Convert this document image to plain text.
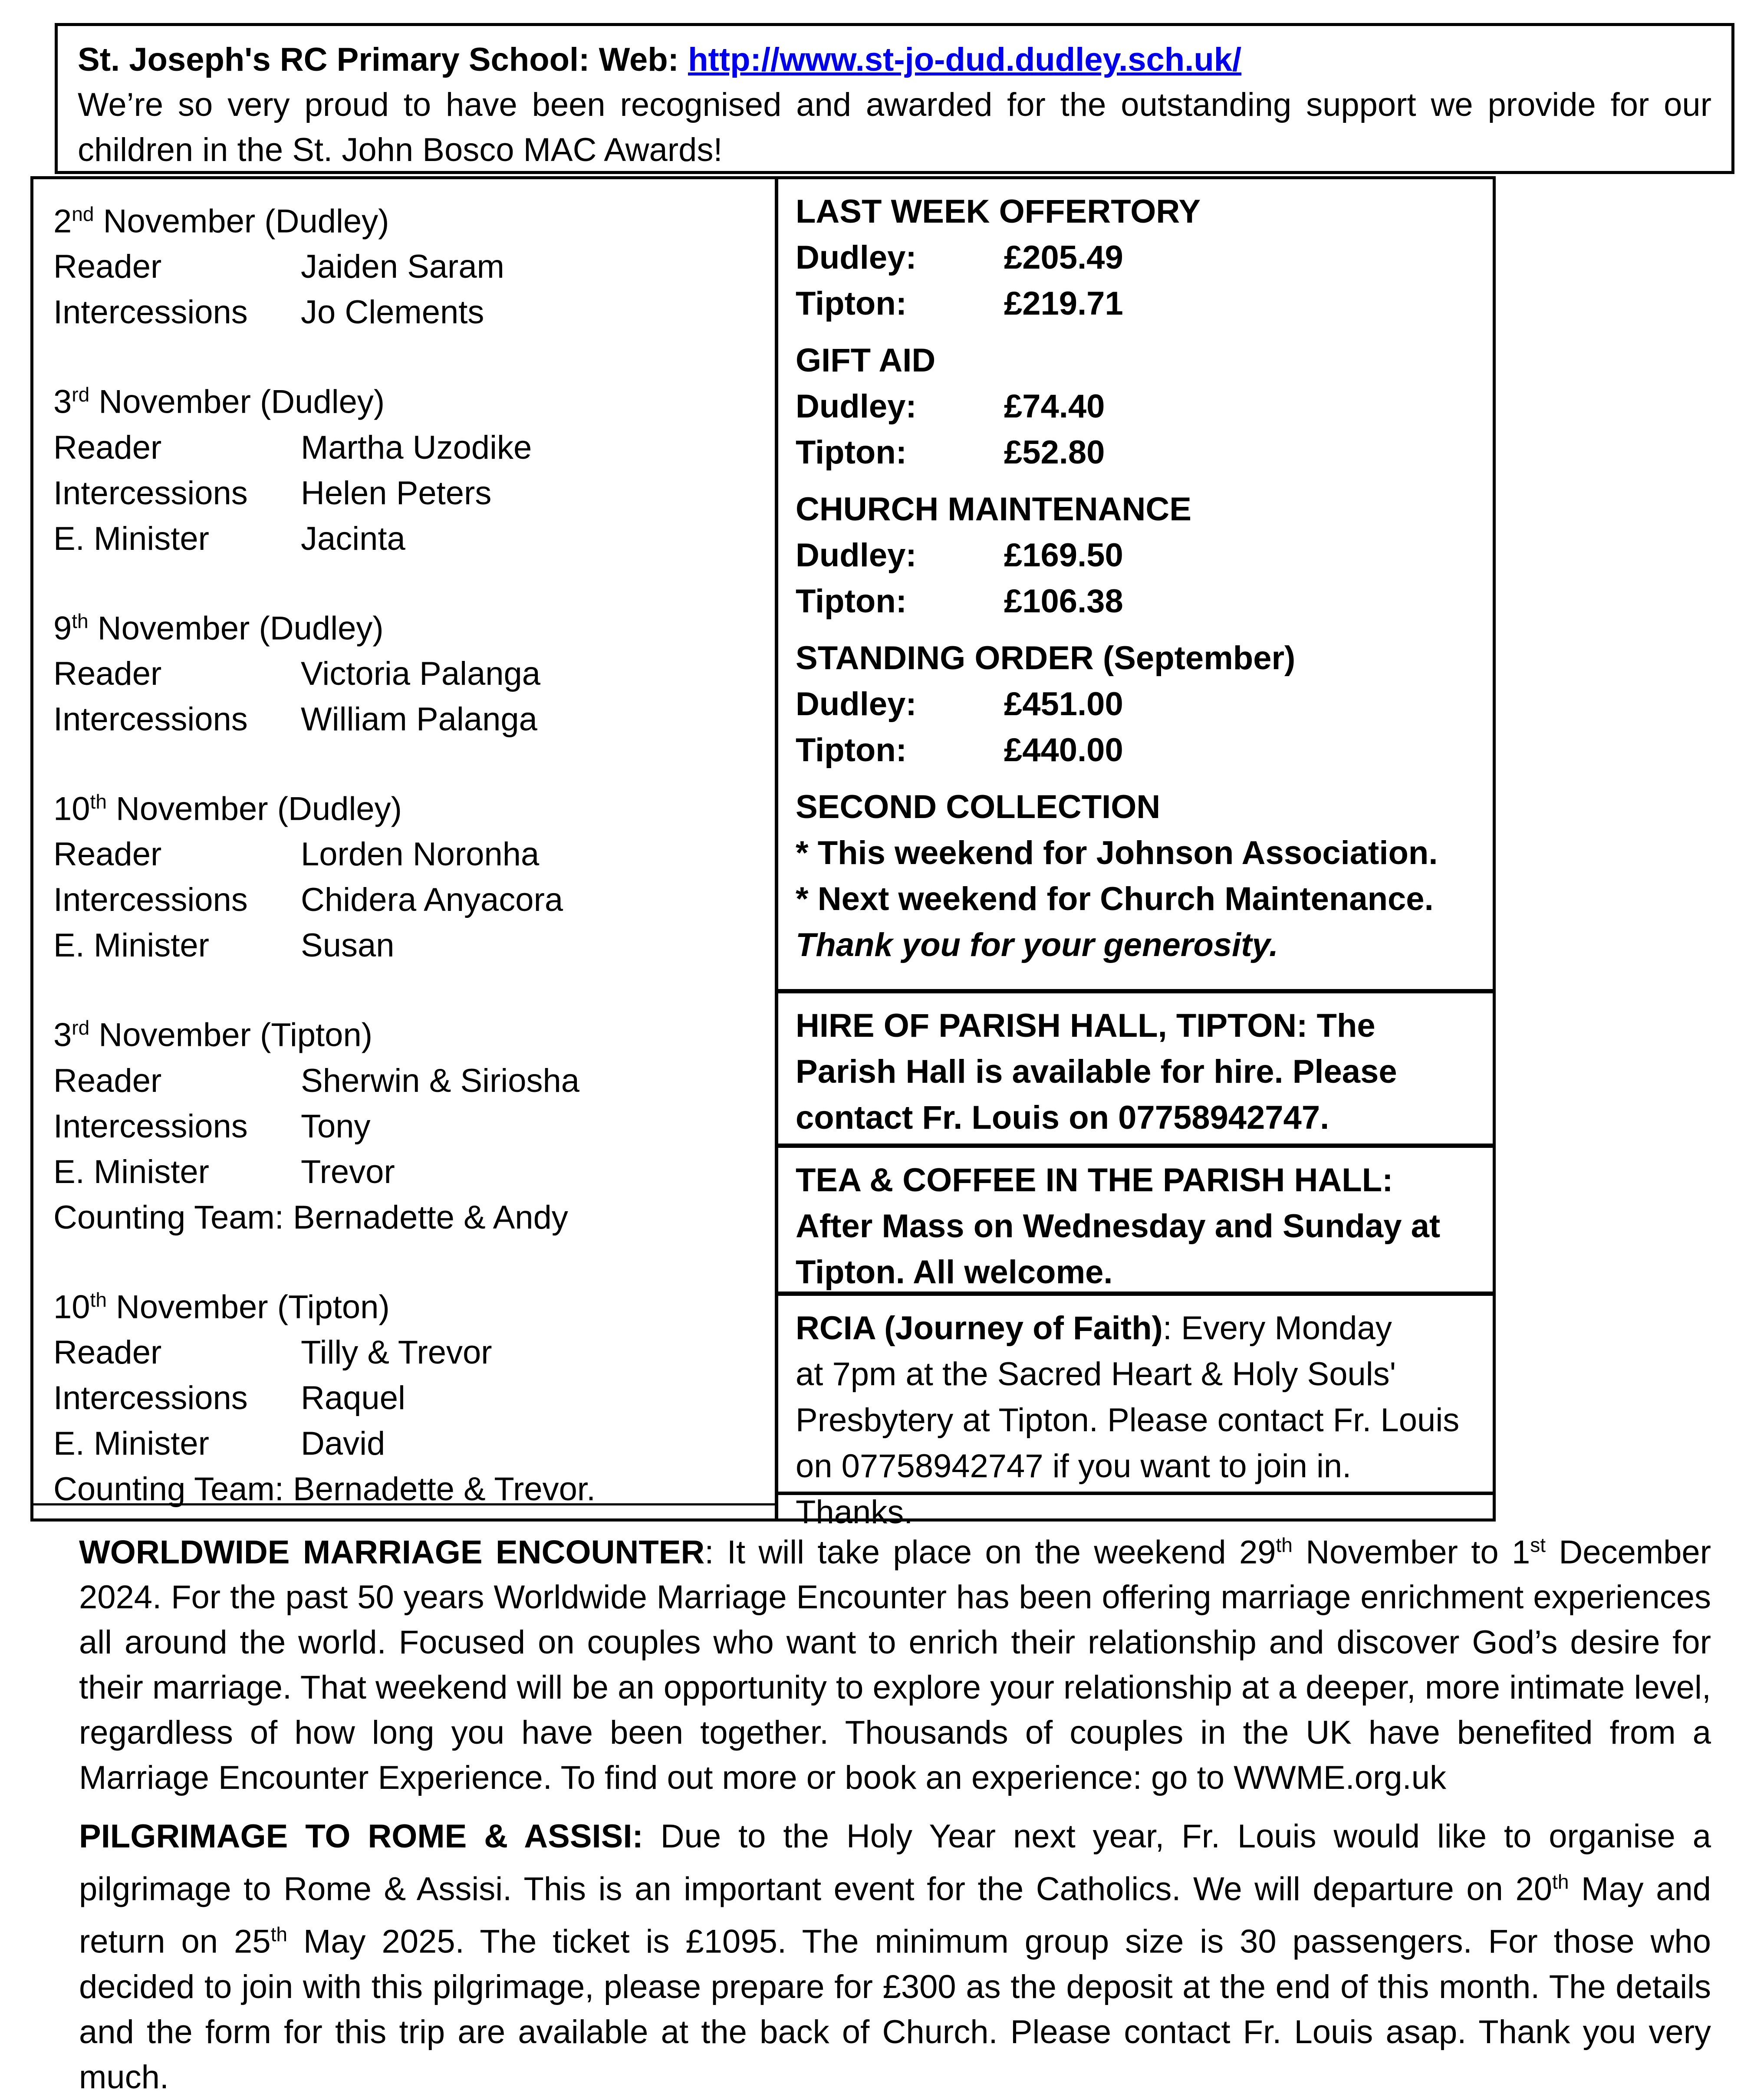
St. Joseph's RC Primary School: Web: http://www.st-jo-dud.dudley.sch.uk/
We’re so very proud to have been recognised and awarded for the outstanding support we provide for our children in the St. John Bosco MAC Awards!
2nd November (Dudley)
Reader	Jaiden Saram
Intercessions	Jo Clements
3rd November (Dudley)
Reader	Martha Uzodike
Intercessions	Helen Peters
E. Minister	Jacinta
9th November (Dudley)
Reader	Victoria Palanga
Intercessions	William Palanga
10th November (Dudley)
Reader	Lorden Noronha
Intercessions	Chidera Anyacora
E. Minister	Susan
3rd November (Tipton)
Reader	Sherwin & Siriosha
Intercessions	Tony
E. Minister	Trevor
Counting Team: Bernadette & Andy
10th November (Tipton)
Reader	Tilly & Trevor
Intercessions	Raquel
E. Minister	David
Counting Team: Bernadette & Trevor.
LAST WEEK OFFERTORY
Dudley:	£205.49
Tipton:	£219.71
GIFT AID
Dudley:	£74.40
Tipton:	£52.80
CHURCH MAINTENANCE
Dudley:	£169.50
Tipton:	£106.38
STANDING ORDER (September)
Dudley:	£451.00
Tipton:	£440.00
SECOND COLLECTION
* This weekend for Johnson Association.
* Next weekend for Church Maintenance.
Thank you for your generosity.
HIRE OF PARISH HALL, TIPTON: The
Parish Hall is available for hire. Please
contact Fr. Louis on 07758942747.
TEA & COFFEE IN THE PARISH HALL:
After Mass on Wednesday and Sunday at
Tipton. All welcome.
RCIA (Journey of Faith): Every Monday
at 7pm at the Sacred Heart & Holy Souls'
Presbytery at Tipton. Please contact Fr. Louis
on 07758942747 if you want to join in. Thanks.
WORLDWIDE MARRIAGE ENCOUNTER: It will take place on the weekend 29th November to 1st December 2024. For the past 50 years Worldwide Marriage Encounter has been offering marriage enrichment experiences all around the world. Focused on couples who want to enrich their relationship and discover God’s desire for their marriage. That weekend will be an opportunity to explore your relationship at a deeper, more intimate level, regardless of how long you have been together. Thousands of couples in the UK have benefited from a Marriage Encounter Experience. To find out more or book an experience: go to WWME.org.uk
PILGRIMAGE TO ROME & ASSISI: Due to the Holy Year next year, Fr. Louis would like to organise a pilgrimage to Rome & Assisi. This is an important event for the Catholics. We will departure on 20th May and return on 25th May 2025. The ticket is £1095. The minimum group size is 30 passengers. For those who decided to join with this pilgrimage, please prepare for £300 as the deposit at the end of this month. The details and the form for this trip are available at the back of Church. Please contact Fr. Louis asap. Thank you very much.
